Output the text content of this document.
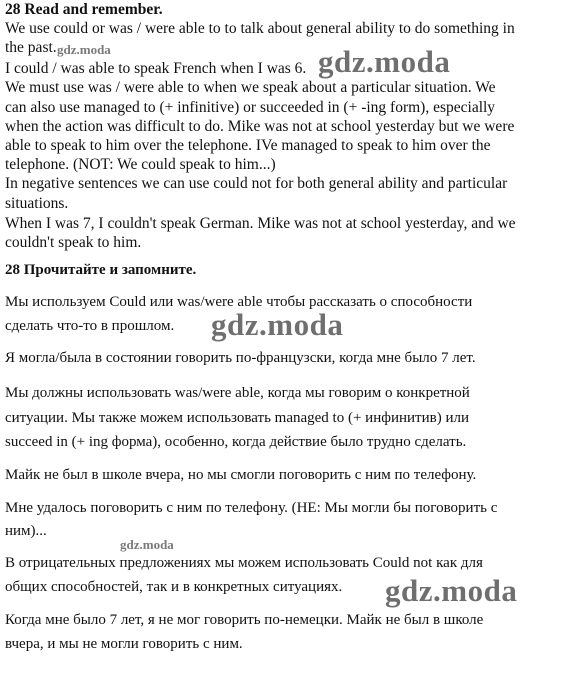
28 Read and remember.
We use could or was / were able to to talk about general ability to do something in
the past.
I could / was able to speak French when I was 6.
We must use was / were able to when we speak about a particular situation. We
can also use managed to (+ infinitive) or succeeded in (+ -ing form), especially
when the action was difficult to do. Mike was not at school yesterday but we were
able to speak to him over the telephone. IVe managed to speak to him over the
telephone. (NOT: We could speak to him...)
In negative sentences we can use could not for both general ability and particular
situations.
When I was 7, I couldn't speak German. Mike was not at school yesterday, and we
couldn't speak to him.
28 Прочитайте и запомните.
Мы используем Could или was/were able чтобы рассказать о способности
сделать что-то в прошлом.
Я могла/была в состоянии говорить по-французски, когда мне было 7 лет.
Мы должны использовать was/were able, когда мы говорим о конкретной
ситуации. Мы также можем использовать managed to (+ инфинитив) или
succeed in (+ ing форма), особенно, когда действие было трудно сделать.
Майк не был в школе вчера, но мы смогли поговорить с ним по телефону.
Мне удалось поговорить с ним по телефону. (НЕ: Мы могли бы поговорить с
ним)...
В отрицательных предложениях мы можем использовать Could not как для
общих способностей, так и в конкретных ситуациях.
Когда мне было 7 лет, я не мог говорить по-немецки. Майк не был в школе
вчера, и мы не могли говорить с ним.
gdz.moda	gdz.moda
gdz.moda
gdz.moda
gdz.moda
